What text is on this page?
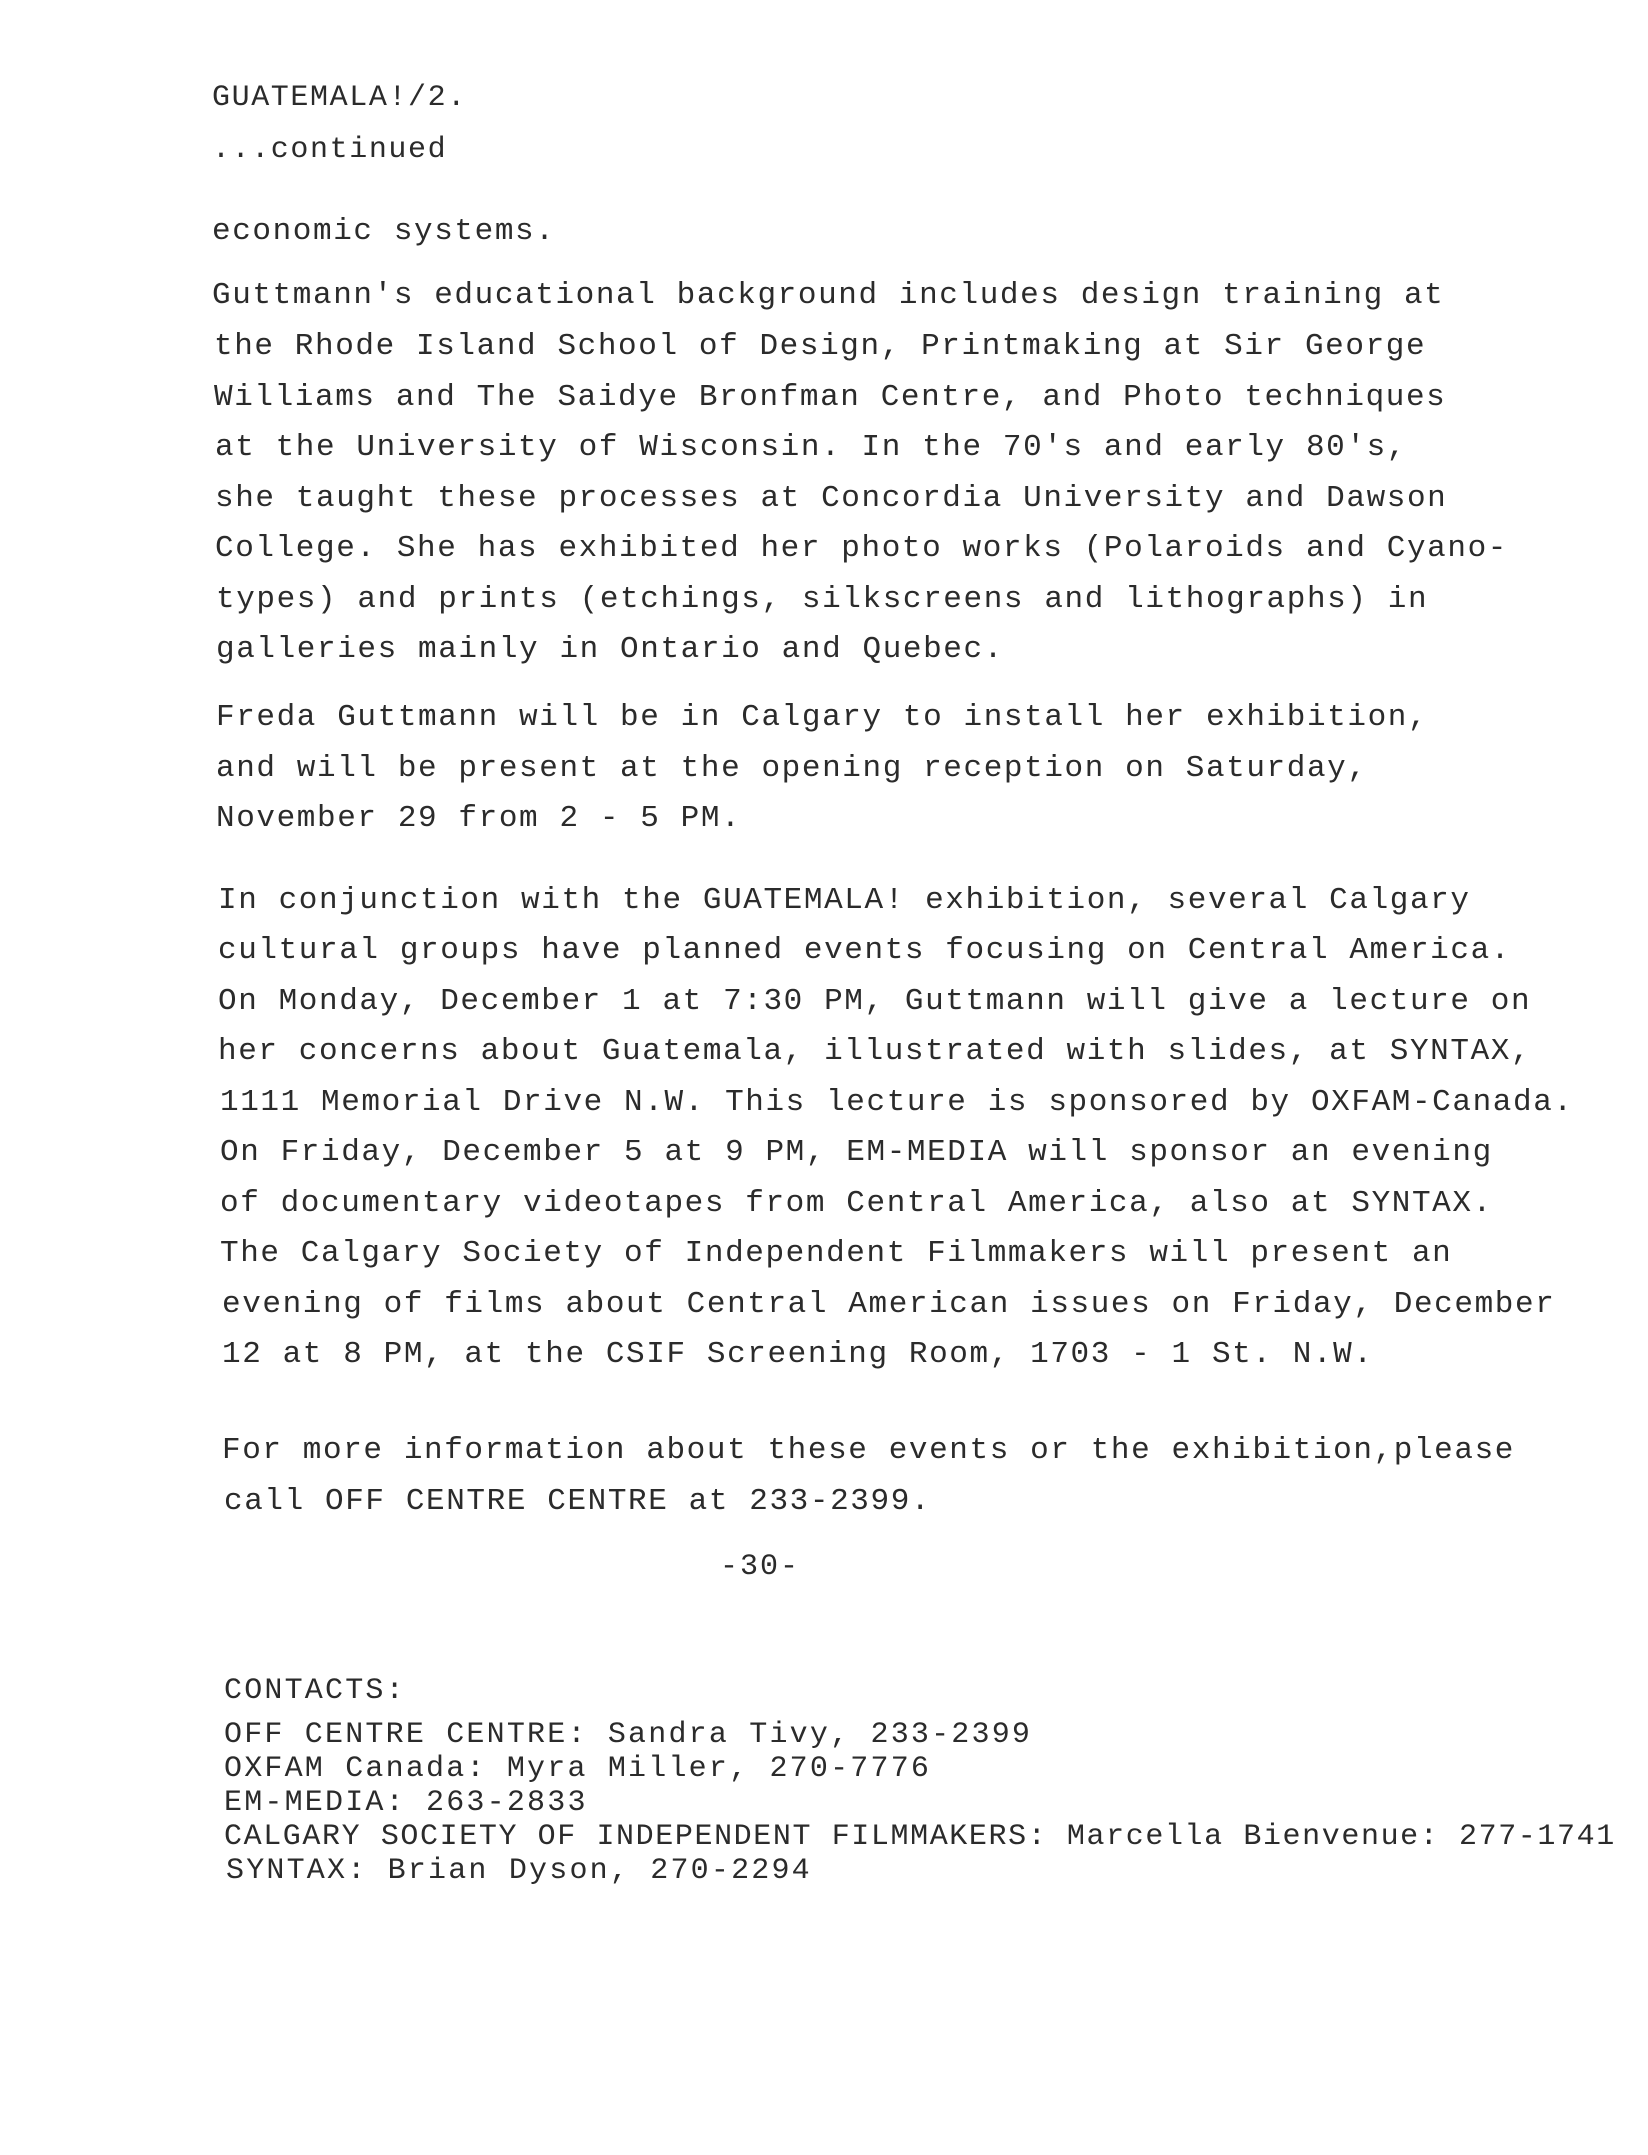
GUATEMALA!/2.
...continued
economic systems.
Guttmann's educational background includes design training at
the Rhode Island School of Design, Printmaking at Sir George
Williams and The Saidye Bronfman Centre, and Photo techniques
at the University of Wisconsin. In the 70's and early 80's,
she taught these processes at Concordia University and Dawson
College. She has exhibited her photo works (Polaroids and Cyano-
types) and prints (etchings, silkscreens and lithographs) in
galleries mainly in Ontario and Quebec.
Freda Guttmann will be in Calgary to install her exhibition,
and will be present at the opening reception on Saturday,
November 29 from 2 - 5 PM.
In conjunction with the GUATEMALA! exhibition, several Calgary
cultural groups have planned events focusing on Central America.
On Monday, December 1 at 7:30 PM, Guttmann will give a lecture on
her concerns about Guatemala, illustrated with slides, at SYNTAX,
1111 Memorial Drive N.W. This lecture is sponsored by OXFAM-Canada.
On Friday, December 5 at 9 PM, EM-MEDIA will sponsor an evening
of documentary videotapes from Central America, also at SYNTAX.
The Calgary Society of Independent Filmmakers will present an
evening of films about Central American issues on Friday, December
12 at 8 PM, at the CSIF Screening Room, 1703 - 1 St. N.W.
For more information about these events or the exhibition,please
call OFF CENTRE CENTRE at 233-2399.
-30-
CONTACTS:
OFF CENTRE CENTRE: Sandra Tivy, 233-2399
OXFAM Canada: Myra Miller, 270-7776
EM-MEDIA: 263-2833
CALGARY SOCIETY OF INDEPENDENT FILMMAKERS: Marcella Bienvenue: 277-1741
SYNTAX: Brian Dyson, 270-2294
